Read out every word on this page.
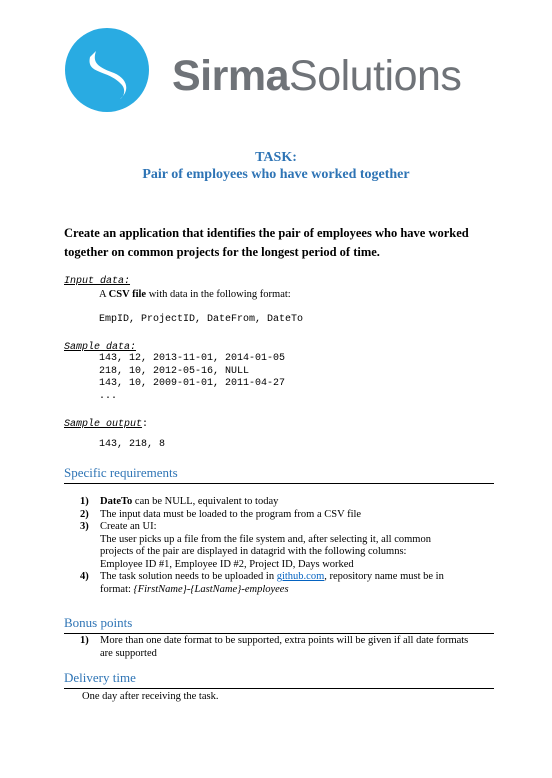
SirmaSolutions
TASK:
Pair of employees who have worked together
Create an application that identifies the pair of employees who have worked together on common projects for the longest period of time.
Input data:
A CSV file with data in the following format:
EmpID, ProjectID, DateFrom, DateTo
Sample data:
143, 12, 2013-11-01, 2014-01-05
218, 10, 2012-05-16, NULL
143, 10, 2009-01-01, 2011-04-27
...
Sample output:
143, 218, 8
Specific requirements
1) DateTo can be NULL, equivalent to today
2) The input data must be loaded to the program from a CSV file
3) Create an UI:
The user picks up a file from the file system and, after selecting it, all common
projects of the pair are displayed in datagrid with the following columns:
Employee ID #1, Employee ID #2, Project ID, Days worked
4) The task solution needs to be uploaded in github.com, repository name must be in
format: {FirstName}-{LastName}-employees
Bonus points
1) More than one date format to be supported, extra points will be given if all date formats
are supported
Delivery time
One day after receiving the task.
